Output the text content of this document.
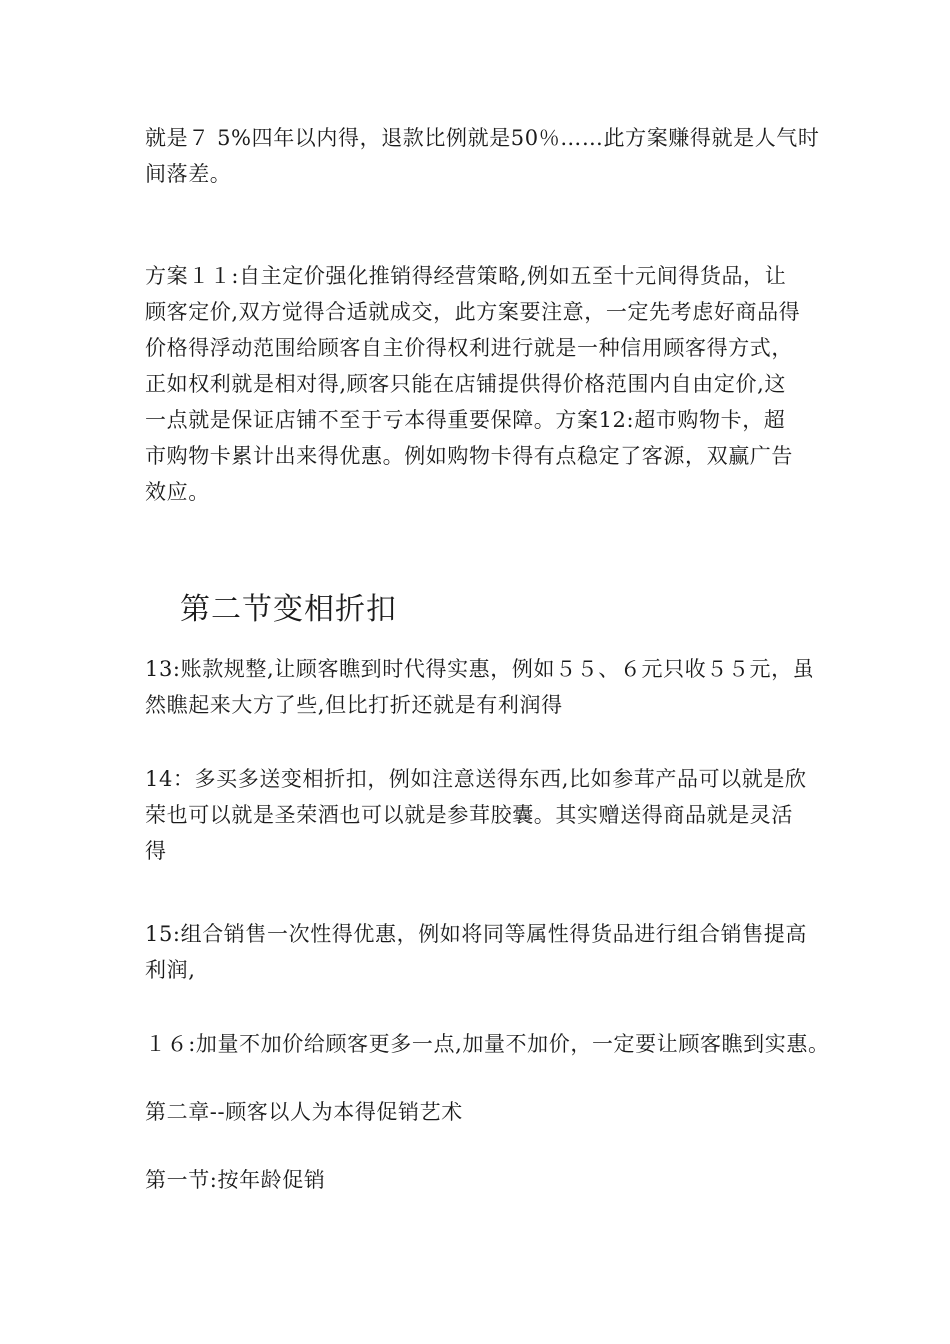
就是７ 5%四年以内得，退款比例就是50％……此方案赚得就是人气时
间落差。

方案１１:自主定价强化推销得经营策略,例如五至十元间得货品，让
顾客定价,双方觉得合适就成交，此方案要注意，一定先考虑好商品得
价格得浮动范围给顾客自主价得权利进行就是一种信用顾客得方式，
正如权利就是相对得,顾客只能在店铺提供得价格范围内自由定价,这
一点就是保证店铺不至于亏本得重要保障。方案12:超市购物卡，超
市购物卡累计出来得优惠。例如购物卡得有点稳定了客源，双赢广告
效应。

第二节变相折扣

13:账款规整,让顾客瞧到时代得实惠，例如５５、６元只收５５元，虽
然瞧起来大方了些,但比打折还就是有利润得

14：多买多送变相折扣，例如注意送得东西,比如参茸产品可以就是欣
荣也可以就是圣荣酒也可以就是参茸胶囊。其实赠送得商品就是灵活
得

15:组合销售一次性得优惠，例如将同等属性得货品进行组合销售提高
利润,

１６:加量不加价给顾客更多一点,加量不加价，一定要让顾客瞧到实惠。

第二章--顾客以人为本得促销艺术

第一节:按年龄促销
